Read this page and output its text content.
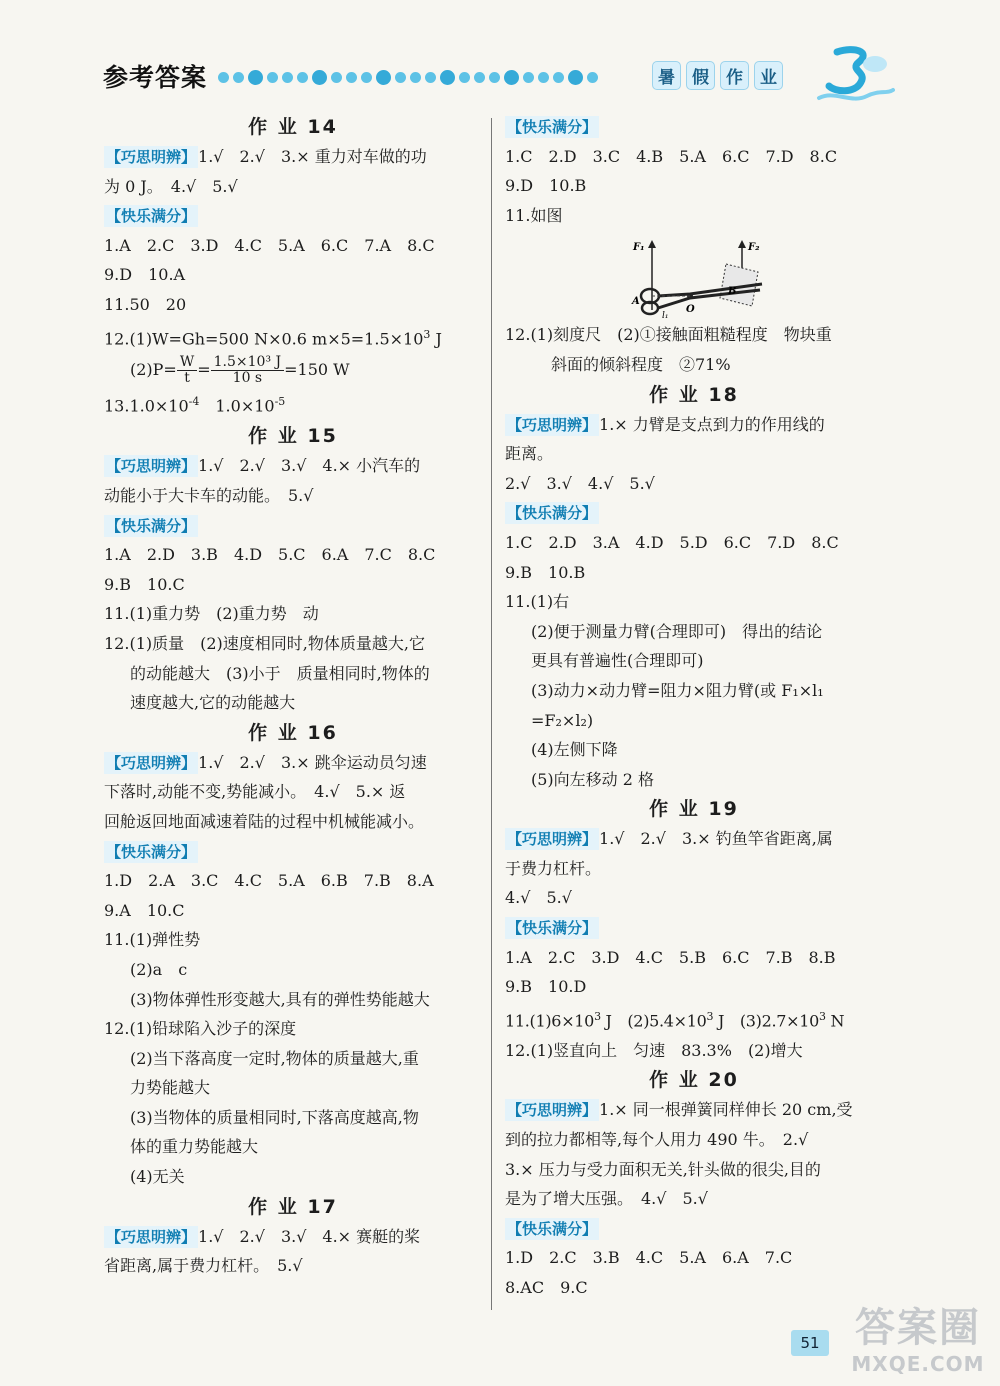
参考答案	暑	假	作	业
作 业 14
【巧思明辨】 1.√　2.√　3.× 重力对车做的功
为 0 J。　4.√　5.√
【快乐满分】
1.A　2.C　3.D　4.C　5.A　6.C　7.A　8.C
9.D　10.A
11.50　20
12.(1)W=Gh=500 N×0.6 $m\times 5=1.5\times 10^3$ J
$(2)P= \frac{W}{t} = \frac{\text{1.5×10³ J}}{10 s} =150$ W
$13.1.0\times 10^{-4}$　$1.0\times 10^{-5}$
作 业 15
【巧思明辨】 1.√　2.√　3.√　4.× 小汽车的
动能小于大卡车的动能。　5.√
【快乐满分】
1.A　2.D　3.B　4.D　5.C　6.A　7.C　8.C
9.B　10.C
11.(1)重力势　(2)重力势　动
12.(1)质量　(2)速度相同时,物体质量越大,它
的动能越大　(3)小于　质量相同时,物体的
速度越大,它的动能越大
作 业 16
【巧思明辨】 1.√　2.√　3.× 跳伞运动员匀速
下落时,动能不变,势能减小。　4.√　5.× 返
回舱返回地面减速着陆的过程中机械能减小。
【快乐满分】
1.D　2.A　3.C　4.C　5.A　6.B　7.B　8.A
9.A　10.C
11.(1)弹性势
(2)a　c
(3)物体弹性形变越大,具有的弹性势能越大
12.(1)铅球陷入沙子的深度
(2)当下落高度一定时,物体的质量越大,重
力势能越大
(3)当物体的质量相同时,下落高度越高,物
体的重力势能越大
(4)无关
作 业 17
【巧思明辨】 1.√　2.√　3.√　4.× 赛艇的桨
省距离,属于费力杠杆。　5.√
【快乐满分】
1.C　2.D　3.C　4.B　5.A　6.C　7.D　8.C
9.D　10.B
11.如图
F₁	F₂
A
O
B
l₁
12.(1)刻度尺　(2)①接触面粗糙程度　物块重
斜面的倾斜程度　②71%
作 业 18
【巧思明辨】 1.× 力臂是支点到力的作用线的
距离。
2.√　3.√　4.√　5.√
【快乐满分】
1.C　2.D　3.A　4.D　5.D　6.C　7.D　8.C
9.B　10.B
11.(1)右
(2)便于测量力臂(合理即可)　得出的结论
更具有普遍性(合理即可)
(3)动力×动力臂=阻力×阻力臂(或 F₁×l₁
=F₂×l₂)
(4)左侧下降
(5)向左移动 2 格
作 业 19
【巧思明辨】 1.√　2.√　3.× 钓鱼竿省距离,属
于费力杠杆。
4.√　5.√
【快乐满分】
1.A　2.C　3.D　4.C　5.B　6.C　7.B　8.B
9.B　10.D
$11.(1)6\times 10^3$ J　$(2)5.4\times 10^3$ J　$(3)2.7\times 10^3$ N
12.(1)竖直向上　匀速　83.3%　(2)增大
作 业 20
【巧思明辨】 1.× 同一根弹簧同样伸长 20 cm,受
到的拉力都相等,每个人用力 490 牛。　2.√
3.× 压力与受力面积无关,针头做的很尖,目的
是为了增大压强。　4.√　5.√
【快乐满分】
1.D　2.C　3.B　4.C　5.A　6.A　7.C
8.AC　9.C
51 答案圈
MXQE.COM
